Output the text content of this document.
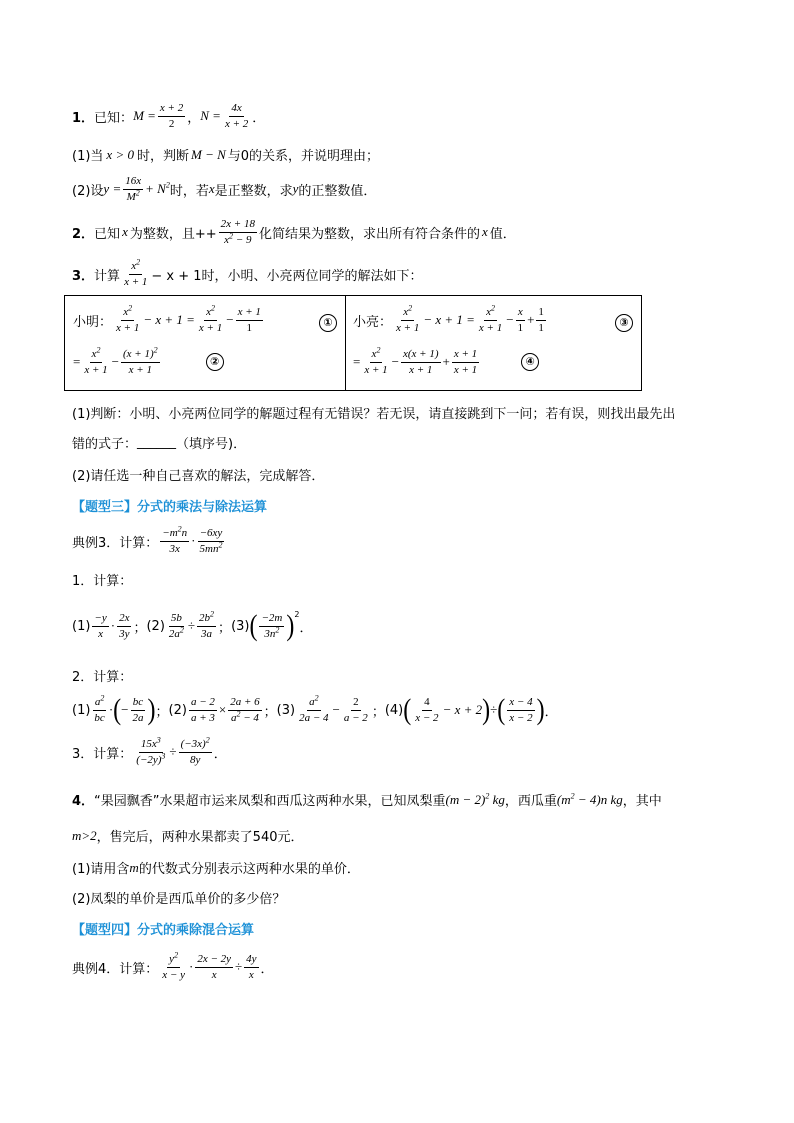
1． 已知： $M = \frac{x + 2}{2}$ ， $N = \frac{4x}{x + 2}$ ．
(1)当 x > 0 时，判断 M − N 与0的关系，并说明理由；
(2)设 $y = \frac{16x}{M^2} + N^2$ 时，若 x 是正整数，求 y 的正整数值．
2． 已知 x 为整数，且++ $\frac{2x + 18}{x^2 - 9}$ 化简结果为整数，求出所有符合条件的 x 值．
3． 计算 $\frac{x^2}{x + 1} - x + 1$时，小明、小亮两位同学的解法如下：
小明： $\frac{x^2}{x + 1} - x + 1 = \frac{x^2}{x + 1} - \frac{x + 1}{1}$	①
= $\frac{x^2}{x + 1} - \frac{(x + 1)^2}{x + 1}$	②
小亮： $\frac{x^2}{x + 1} - x + 1 = \frac{x^2}{x + 1} - \frac{x}{1} + \frac{1}{1}$	③
= $\frac{x^2}{x + 1} - \frac{x(x + 1)}{x + 1} + \frac{x + 1}{x + 1}$	④
(1)判断：小明、小亮两位同学的解题过程有无错误？若无误，请直接跳到下一问；若有误，则找出最先出
错的式子： ______ （填序号)．
(2)请任选一种自己喜欢的解法，完成解答．
【题型三】分式的乘法与除法运算
典例3．计算： $\frac{-m^2n}{3x} \cdot \frac{-6xy}{5mn^2}$
1．计算：
$(1) \frac{-y}{x} \cdot \frac{2x}{3y}$ ； $(2) \frac{5b}{2a^2} \div \frac{2b^2}{3a}$ ； (3) ( $\frac{-2m}{3n^2}$ ) 2
．
2．计算：
$(1) \frac{a^2}{bc}$ · ( − $\frac{bc}{2a}$ ) ； $(2) \frac{a - 2}{a + 3} \times \frac{2a + 6}{a^2 - 4}$ ； $(3) \frac{a^2}{2a - 4} - \frac{2}{a - 2}$ ； (4) ( $\frac{4}{x - 2} - x + 2$ ) ÷ ( $\frac{x - 4}{x - 2}$ ) ．
3．计算： $\frac{15x^3}{(-2y)^3} \div \frac{(-3x)^2}{8y}$ ．
4． “果园飘香”水果超市运来凤梨和西瓜这两种水果，已知凤梨重 $(m - 2)^2$ kg ，西瓜重 $(m^2 - 4)n$ kg ，其中
m>2 ，售完后，两种水果都卖了540元．
(1)请用含 m 的代数式分别表示这两种水果的单价．
(2)凤梨的单价是西瓜单价的多少倍？
【题型四】分式的乘除混合运算
典例4．计算： $\frac{y^2}{x - y} \cdot \frac{2x - 2y}{x} \div \frac{4y}{x}$ ．
